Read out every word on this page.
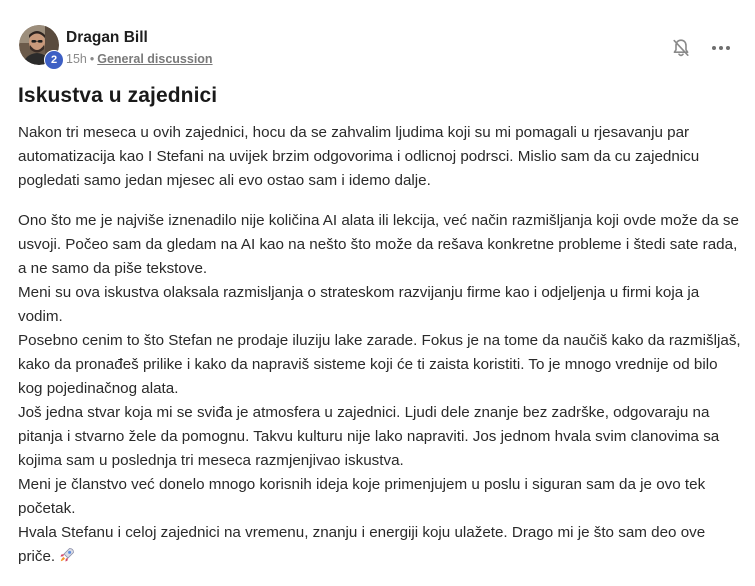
2
Dragan Bill
15h • General discussion
Iskustva u zajednici

Nakon tri meseca u ovih zajednici, hocu da se zahvalim ljudima koji su mi pomagali u rjesavanju par automatizacija kao I Stefani na uvijek brzim odgovorima i odlicnoj podrsci. Mislio sam da cu zajednicu pogledati samo jedan mjesec ali evo ostao sam i idemo dalje.

Ono što me je najviše iznenadilo nije količina AI alata ili lekcija, već način razmišljanja koji ovde može da se usvoji. Počeo sam da gledam na AI kao na nešto što može da rešava konkretne probleme i štedi sate rada, a ne samo da piše tekstove.

Meni su ova iskustva olaksala razmisljanja o strateskom razvijanju firme kao i odjeljenja u firmi koja ja vodim.

Posebno cenim to što Stefan ne prodaje iluziju lake zarade. Fokus je na tome da naučiš kako da razmišljaš, kako da pronađeš prilike i kako da napraviš sisteme koji će ti zaista koristiti. To je mnogo vrednije od bilo kog pojedinačnog alata.

Još jedna stvar koja mi se sviđa je atmosfera u zajednici. Ljudi dele znanje bez zadrške, odgovaraju na pitanja i stvarno žele da pomognu. Takvu kulturu nije lako napraviti. Jos jednom hvala svim clanovima sa kojima sam u poslednja tri meseca razmjenjivao iskustva.

Meni je članstvo već donelo mnogo korisnih ideja koje primenjujem u poslu i siguran sam da je ovo tek početak.

Hvala Stefanu i celoj zajednici na vremenu, znanju i energiji koju ulažete. Drago mi je što sam deo ove priče.
